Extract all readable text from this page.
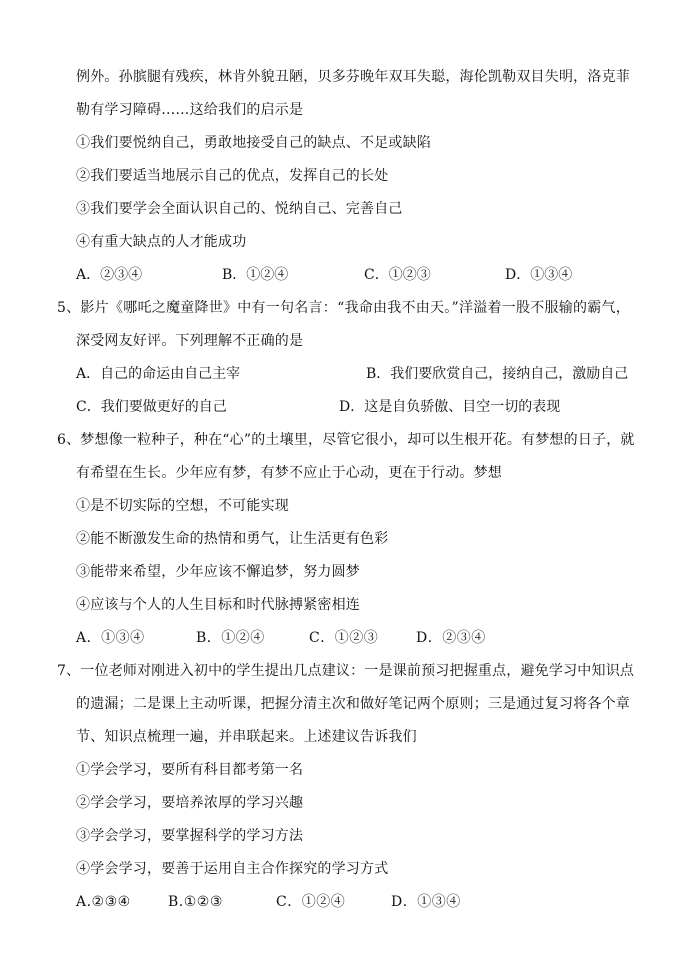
例外。孙膑腿有残疾，林肯外貌丑陋，贝多芬晚年双耳失聪，海伦凯勒双目失明，洛克菲
勒有学习障碍……这给我们的启示是
①我们要悦纳自己，勇敢地接受自己的缺点、不足或缺陷
②我们要适当地展示自己的优点，发挥自己的长处
③我们要学会全面认识自己的、悦纳自己、完善自己
④有重大缺点的人才能成功
A．②③④	B．①②④	C．①②③	D．①③④
5、影片《哪吒之魔童降世》中有一句名言：“我命由我不由天。”洋溢着一股不服输的霸气，
深受网友好评。下列理解不正确的是
A．自己的命运由自己主宰	B．我们要欣赏自己，接纳自己，激励自己
C．我们要做更好的自己	D．这是自负骄傲、目空一切的表现
6、梦想像一粒种子，种在“心”的土壤里，尽管它很小，却可以生根开花。有梦想的日子，就
有希望在生长。少年应有梦，有梦不应止于心动，更在于行动。梦想
①是不切实际的空想，不可能实现
②能不断激发生命的热情和勇气，让生活更有色彩
③能带来希望，少年应该不懈追梦，努力圆梦
④应该与个人的人生目标和时代脉搏紧密相连
A．①③④	B．①②④	C．①②③	D．②③④
7、一位老师对刚进入初中的学生提出几点建议：一是课前预习把握重点，避免学习中知识点
的遗漏；二是课上主动听课，把握分清主次和做好笔记两个原则；三是通过复习将各个章
节、知识点梳理一遍，并串联起来。上述建议告诉我们
①学会学习，要所有科目都考第一名
②学会学习，要培养浓厚的学习兴趣
③学会学习，要掌握科学的学习方法
④学会学习，要善于运用自主合作探究的学习方式
A.②③④	B.①②③	C．①②④	D．①③④
